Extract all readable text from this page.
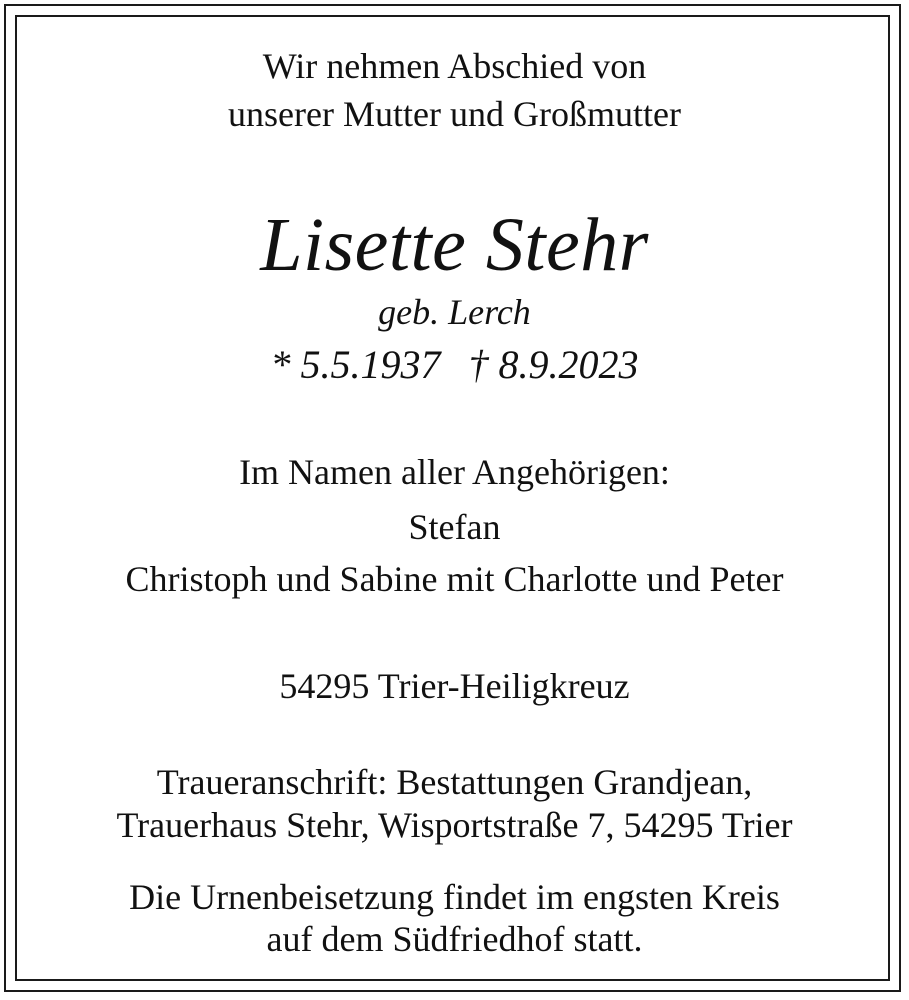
Wir nehmen Abschied von
unserer Mutter und Großmutter
Lisette Stehr
geb. Lerch
* 5.5.1937 † 8.9.2023
Im Namen aller Angehörigen:
Stefan
Christoph und Sabine mit Charlotte und Peter
54295 Trier-Heiligkreuz
Traueranschrift: Bestattungen Grandjean,
Trauerhaus Stehr, Wisportstraße 7, 54295 Trier
Die Urnenbeisetzung findet im engsten Kreis
auf dem Südfriedhof statt.
